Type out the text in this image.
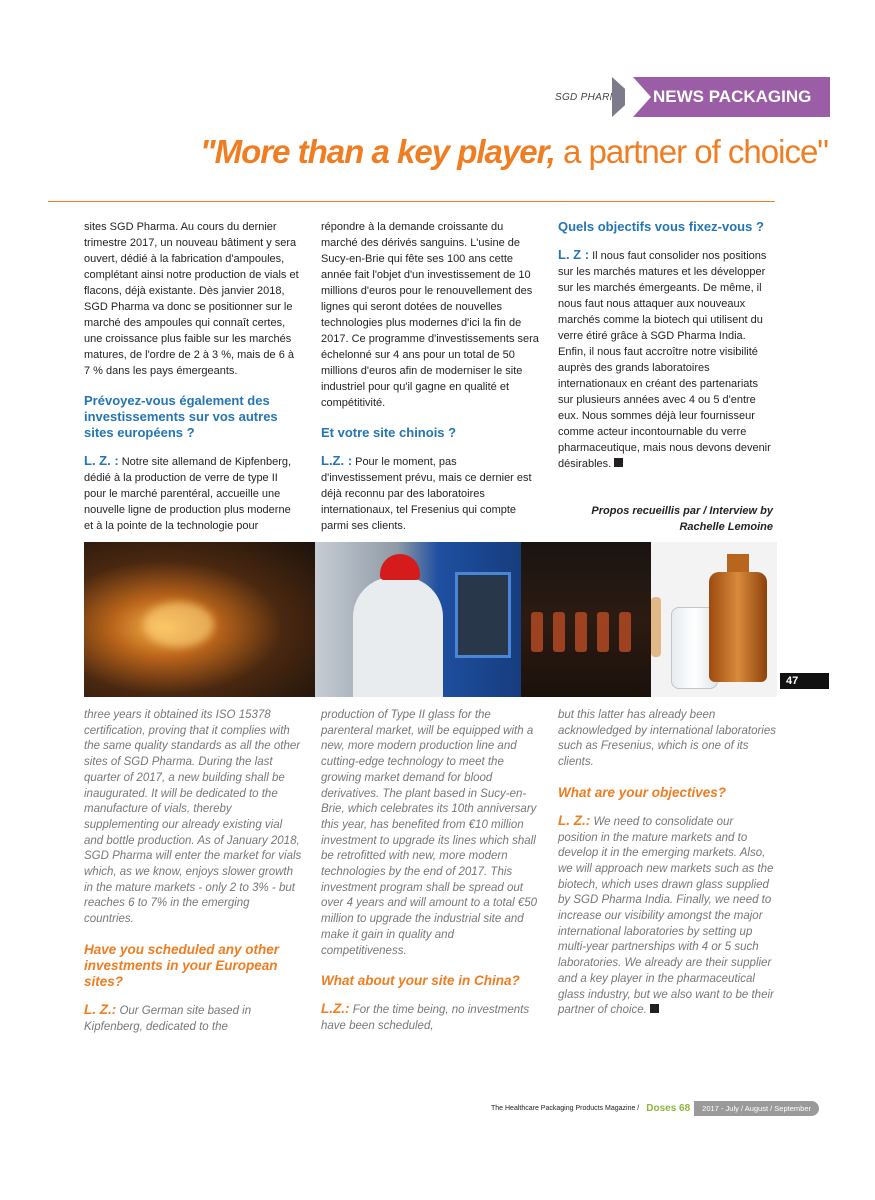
SGD PHARMA NEWS PACKAGING
"More than a key player, a partner of choice"

sites SGD Pharma. Au cours du dernier trimestre 2017, un nouveau bâtiment y sera ouvert, dédié à la fabrication d'ampoules, complétant ainsi notre production de vials et flacons, déjà existante. Dès janvier 2018, SGD Pharma va donc se positionner sur le marché des ampoules qui connaît certes, une croissance plus faible sur les marchés matures, de l'ordre de 2 à 3 %, mais de 6 à 7 % dans les pays émergeants.

Prévoyez-vous également des investissements sur vos autres sites européens ?

L. Z. : Notre site allemand de Kipfenberg, dédié à la production de verre de type II pour le marché parentéral, accueille une nouvelle ligne de production plus moderne et à la pointe de la technologie pour

répondre à la demande croissante du marché des dérivés sanguins. L'usine de Sucy-en-Brie qui fête ses 100 ans cette année fait l'objet d'un investissement de 10 millions d'euros pour le renouvellement des lignes qui seront dotées de nouvelles technologies plus modernes d'ici la fin de 2017. Ce programme d'investissements sera échelonné sur 4 ans pour un total de 50 millions d'euros afin de moderniser le site industriel pour qu'il gagne en qualité et compétitivité.

Et votre site chinois ?

L.Z. : Pour le moment, pas d'investissement prévu, mais ce dernier est déjà reconnu par des laboratoires internationaux, tel Fresenius qui compte parmi ses clients.

Quels objectifs vous fixez-vous ?

L. Z : Il nous faut consolider nos positions sur les marchés matures et les développer sur les marchés émergeants. De même, il nous faut nous attaquer aux nouveaux marchés comme la biotech qui utilisent du verre étiré grâce à SGD Pharma India. Enfin, il nous faut accroître notre visibilité auprès des grands laboratoires internationaux en créant des partenariats sur plusieurs années avec 4 ou 5 d'entre eux. Nous sommes déjà leur fournisseur comme acteur incontournable du verre pharmaceutique, mais nous devons devenir désirables.

Propos recueillis par / Interview by
Rachelle Lemoine
47

three years it obtained its ISO 15378 certification, proving that it complies with the same quality standards as all the other sites of SGD Pharma. During the last quarter of 2017, a new building shall be inaugurated. It will be dedicated to the manufacture of vials, thereby supplementing our already existing vial and bottle production. As of January 2018, SGD Pharma will enter the market for vials which, as we know, enjoys slower growth in the mature markets - only 2 to 3% - but reaches 6 to 7% in the emerging countries.

Have you scheduled any other investments in your European sites?

L. Z.: Our German site based in Kipfenberg, dedicated to the

production of Type II glass for the parenteral market, will be equipped with a new, more modern production line and cutting-edge technology to meet the growing market demand for blood derivatives. The plant based in Sucy-en-Brie, which celebrates its 10th anniversary this year, has benefited from €10 million investment to upgrade its lines which shall be retrofitted with new, more modern technologies by the end of 2017. This investment program shall be spread out over 4 years and will amount to a total €50 million to upgrade the industrial site and make it gain in quality and competitiveness.

What about your site in China?

L.Z.: For the time being, no investments have been scheduled,

but this latter has already been acknowledged by international laboratories such as Fresenius, which is one of its clients.

What are your objectives?

L. Z.: We need to consolidate our position in the mature markets and to develop it in the emerging markets. Also, we will approach new markets such as the biotech, which uses drawn glass supplied by SGD Pharma India. Finally, we need to increase our visibility amongst the major international laboratories by setting up multi-year partnerships with 4 or 5 such laboratories. We already are their supplier and a key player in the pharmaceutical glass industry, but we also want to be their partner of choice.

The Healthcare Packaging Products Magazine / Doses 68	2017 - July / August / September
